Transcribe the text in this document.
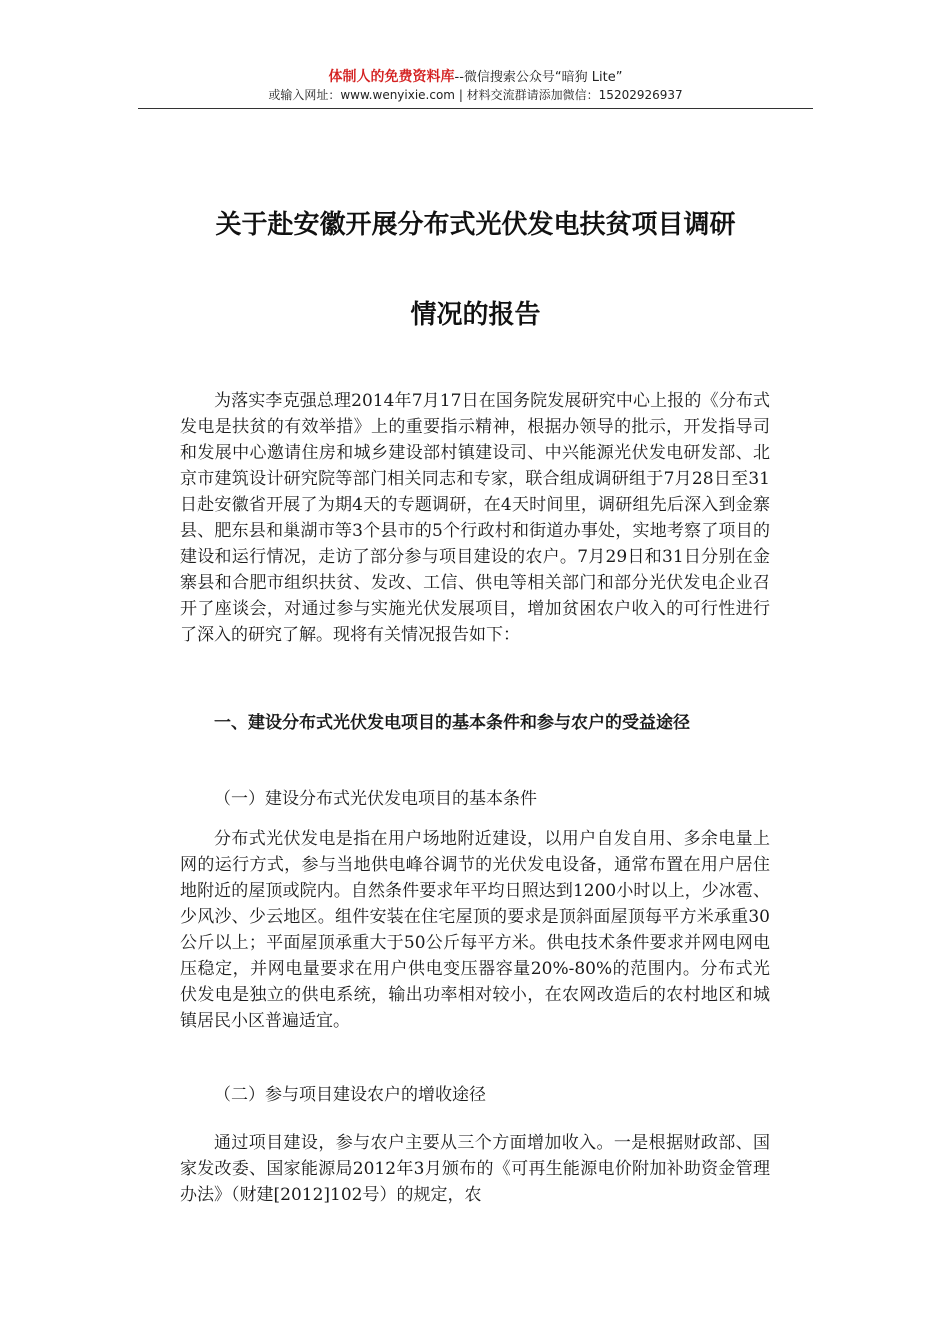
体制人的免费资料库--微信搜索公众号“暗狗 Lite”
或输入网址：www.wenyixie.com | 材料交流群请添加微信：15202926937
关于赴安徽开展分布式光伏发电扶贫项目调研
情况的报告

为落实李克强总理2014年7月17日在国务院发展研究中心上报的《分布式发电是扶贫的有效举措》上的重要指示精神，根据办领导的批示，开发指导司和发展中心邀请住房和城乡建设部村镇建设司、中兴能源光伏发电研发部、北京市建筑设计研究院等部门相关同志和专家，联合组成调研组于7月28日至31日赴安徽省开展了为期4天的专题调研，在4天时间里，调研组先后深入到金寨县、肥东县和巢湖市等3个县市的5个行政村和街道办事处，实地考察了项目的建设和运行情况，走访了部分参与项目建设的农户。7月29日和31日分别在金寨县和合肥市组织扶贫、发改、工信、供电等相关部门和部分光伏发电企业召开了座谈会，对通过参与实施光伏发展项目，增加贫困农户收入的可行性进行了深入的研究了解。现将有关情况报告如下：

一、建设分布式光伏发电项目的基本条件和参与农户的受益途径

（一）建设分布式光伏发电项目的基本条件

分布式光伏发电是指在用户场地附近建设，以用户自发自用、多余电量上网的运行方式，参与当地供电峰谷调节的光伏发电设备，通常布置在用户居住地附近的屋顶或院内。自然条件要求年平均日照达到1200小时以上，少冰雹、少风沙、少云地区。组件安装在住宅屋顶的要求是顶斜面屋顶每平方米承重30公斤以上；平面屋顶承重大于50公斤每平方米。供电技术条件要求并网电网电压稳定，并网电量要求在用户供电变压器容量20%-80%的范围内。分布式光伏发电是独立的供电系统，输出功率相对较小，在农网改造后的农村地区和城镇居民小区普遍适宜。

（二）参与项目建设农户的增收途径

通过项目建设，参与农户主要从三个方面增加收入。一是根据财政部、国家发改委、国家能源局2012年3月颁布的《可再生能源电价附加补助资金管理办法》（财建[2012]102号）的规定，农
